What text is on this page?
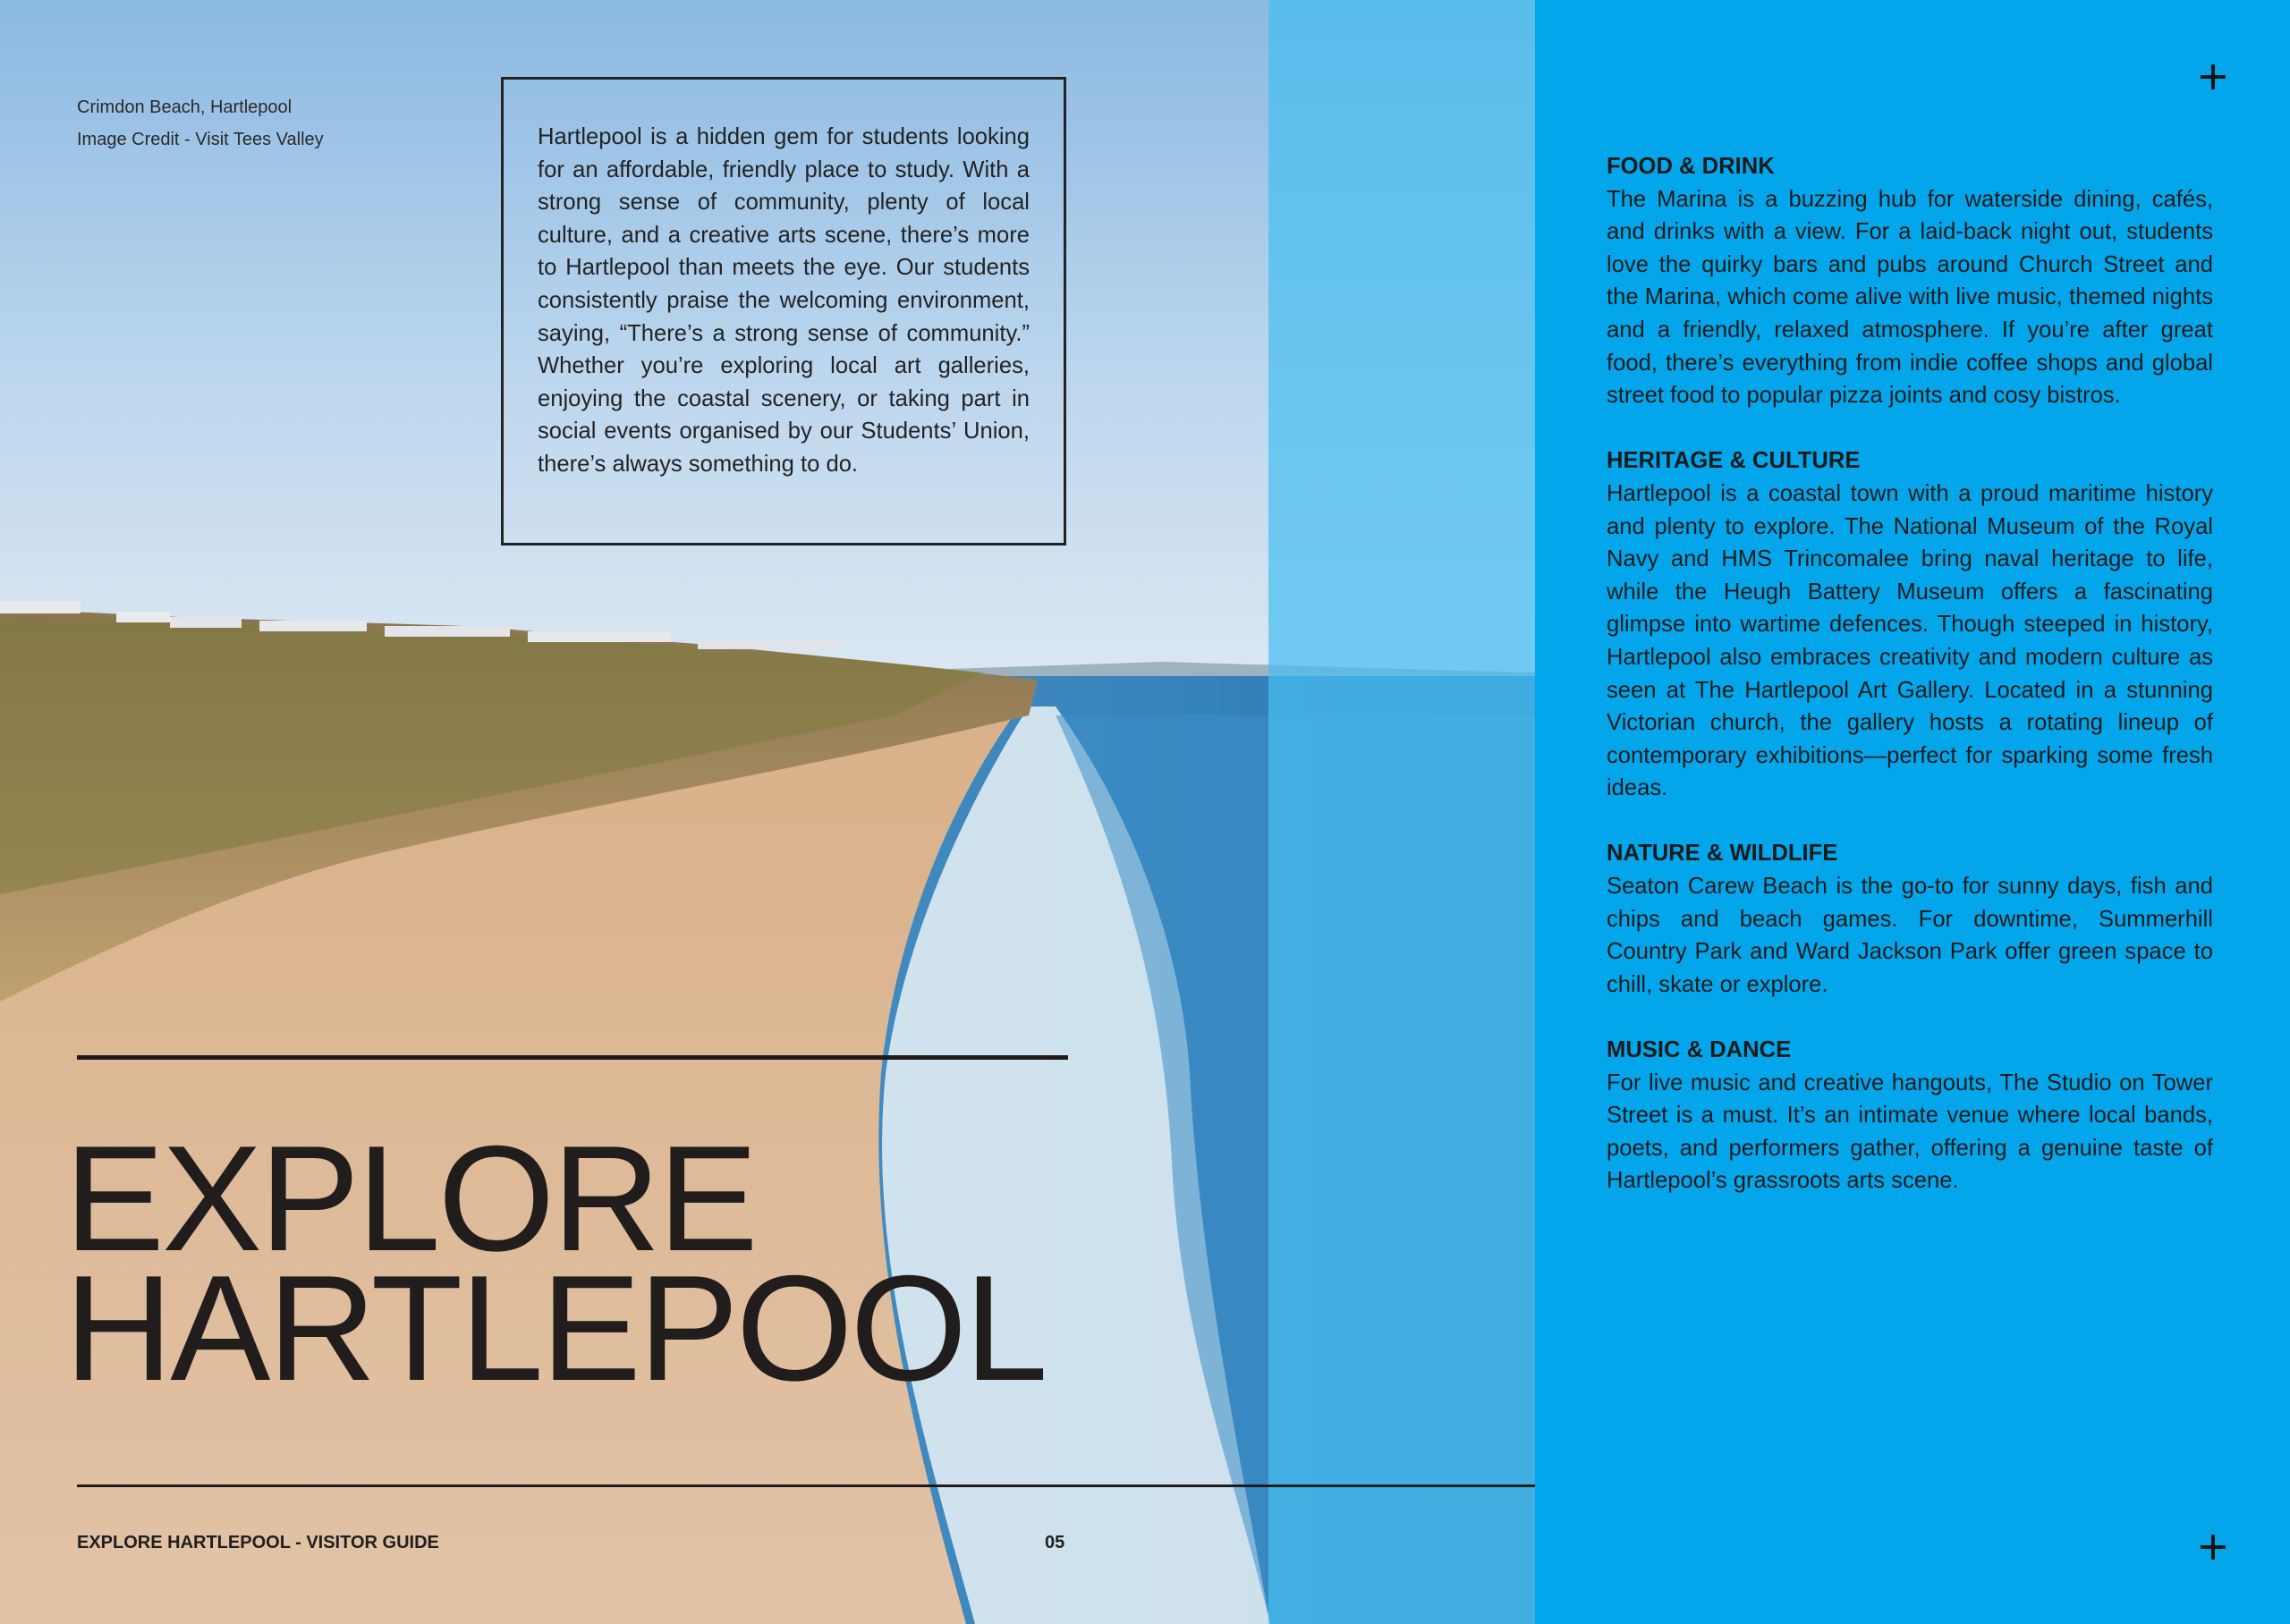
Crimdon Beach, Hartlepool
Image Credit - Visit Tees Valley	Hartlepool is a hidden gem for students looking for an affordable, friendly place to study. With a strong sense of community, plenty of local culture, and a creative arts scene, there’s more to Hartlepool than meets the eye. Our students consistently praise the welcoming environment, saying, “There’s a strong sense of community.” Whether you’re exploring local art galleries, enjoying the coastal scenery, or taking part in social events organised by our Students’ Union, there’s always something to do.

EXPLORE
HARTLEPOOL
EXPLORE HARTLEPOOL - VISITOR GUIDE	05
FOOD & DRINK

The Marina is a buzzing hub for waterside dining, cafés, and drinks with a view. For a laid-back night out, students love the quirky bars and pubs around Church Street and the Marina, which come alive with live music, themed nights and a friendly, relaxed atmosphere. If you’re after great food, there’s everything from indie coffee shops and global street food to popular pizza joints and cosy bistros.

HERITAGE & CULTURE

Hartlepool is a coastal town with a proud maritime history and plenty to explore. The National Museum of the Royal Navy and HMS Trincomalee bring naval heritage to life, while the Heugh Battery Museum offers a fascinating glimpse into wartime defences. Though steeped in history, Hartlepool also embraces creativity and modern culture as seen at The Hartlepool Art Gallery. Located in a stunning Victorian church, the gallery hosts a rotating lineup of contemporary exhibitions—perfect for sparking some fresh ideas.

NATURE & WILDLIFE

Seaton Carew Beach is the go-to for sunny days, fish and chips and beach games. For downtime, Summerhill Country Park and Ward Jackson Park offer green space to chill, skate or explore.

MUSIC & DANCE

For live music and creative hangouts, The Studio on Tower Street is a must. It’s an intimate venue where local bands, poets, and performers gather, offering a genuine taste of Hartlepool’s grassroots arts scene.
